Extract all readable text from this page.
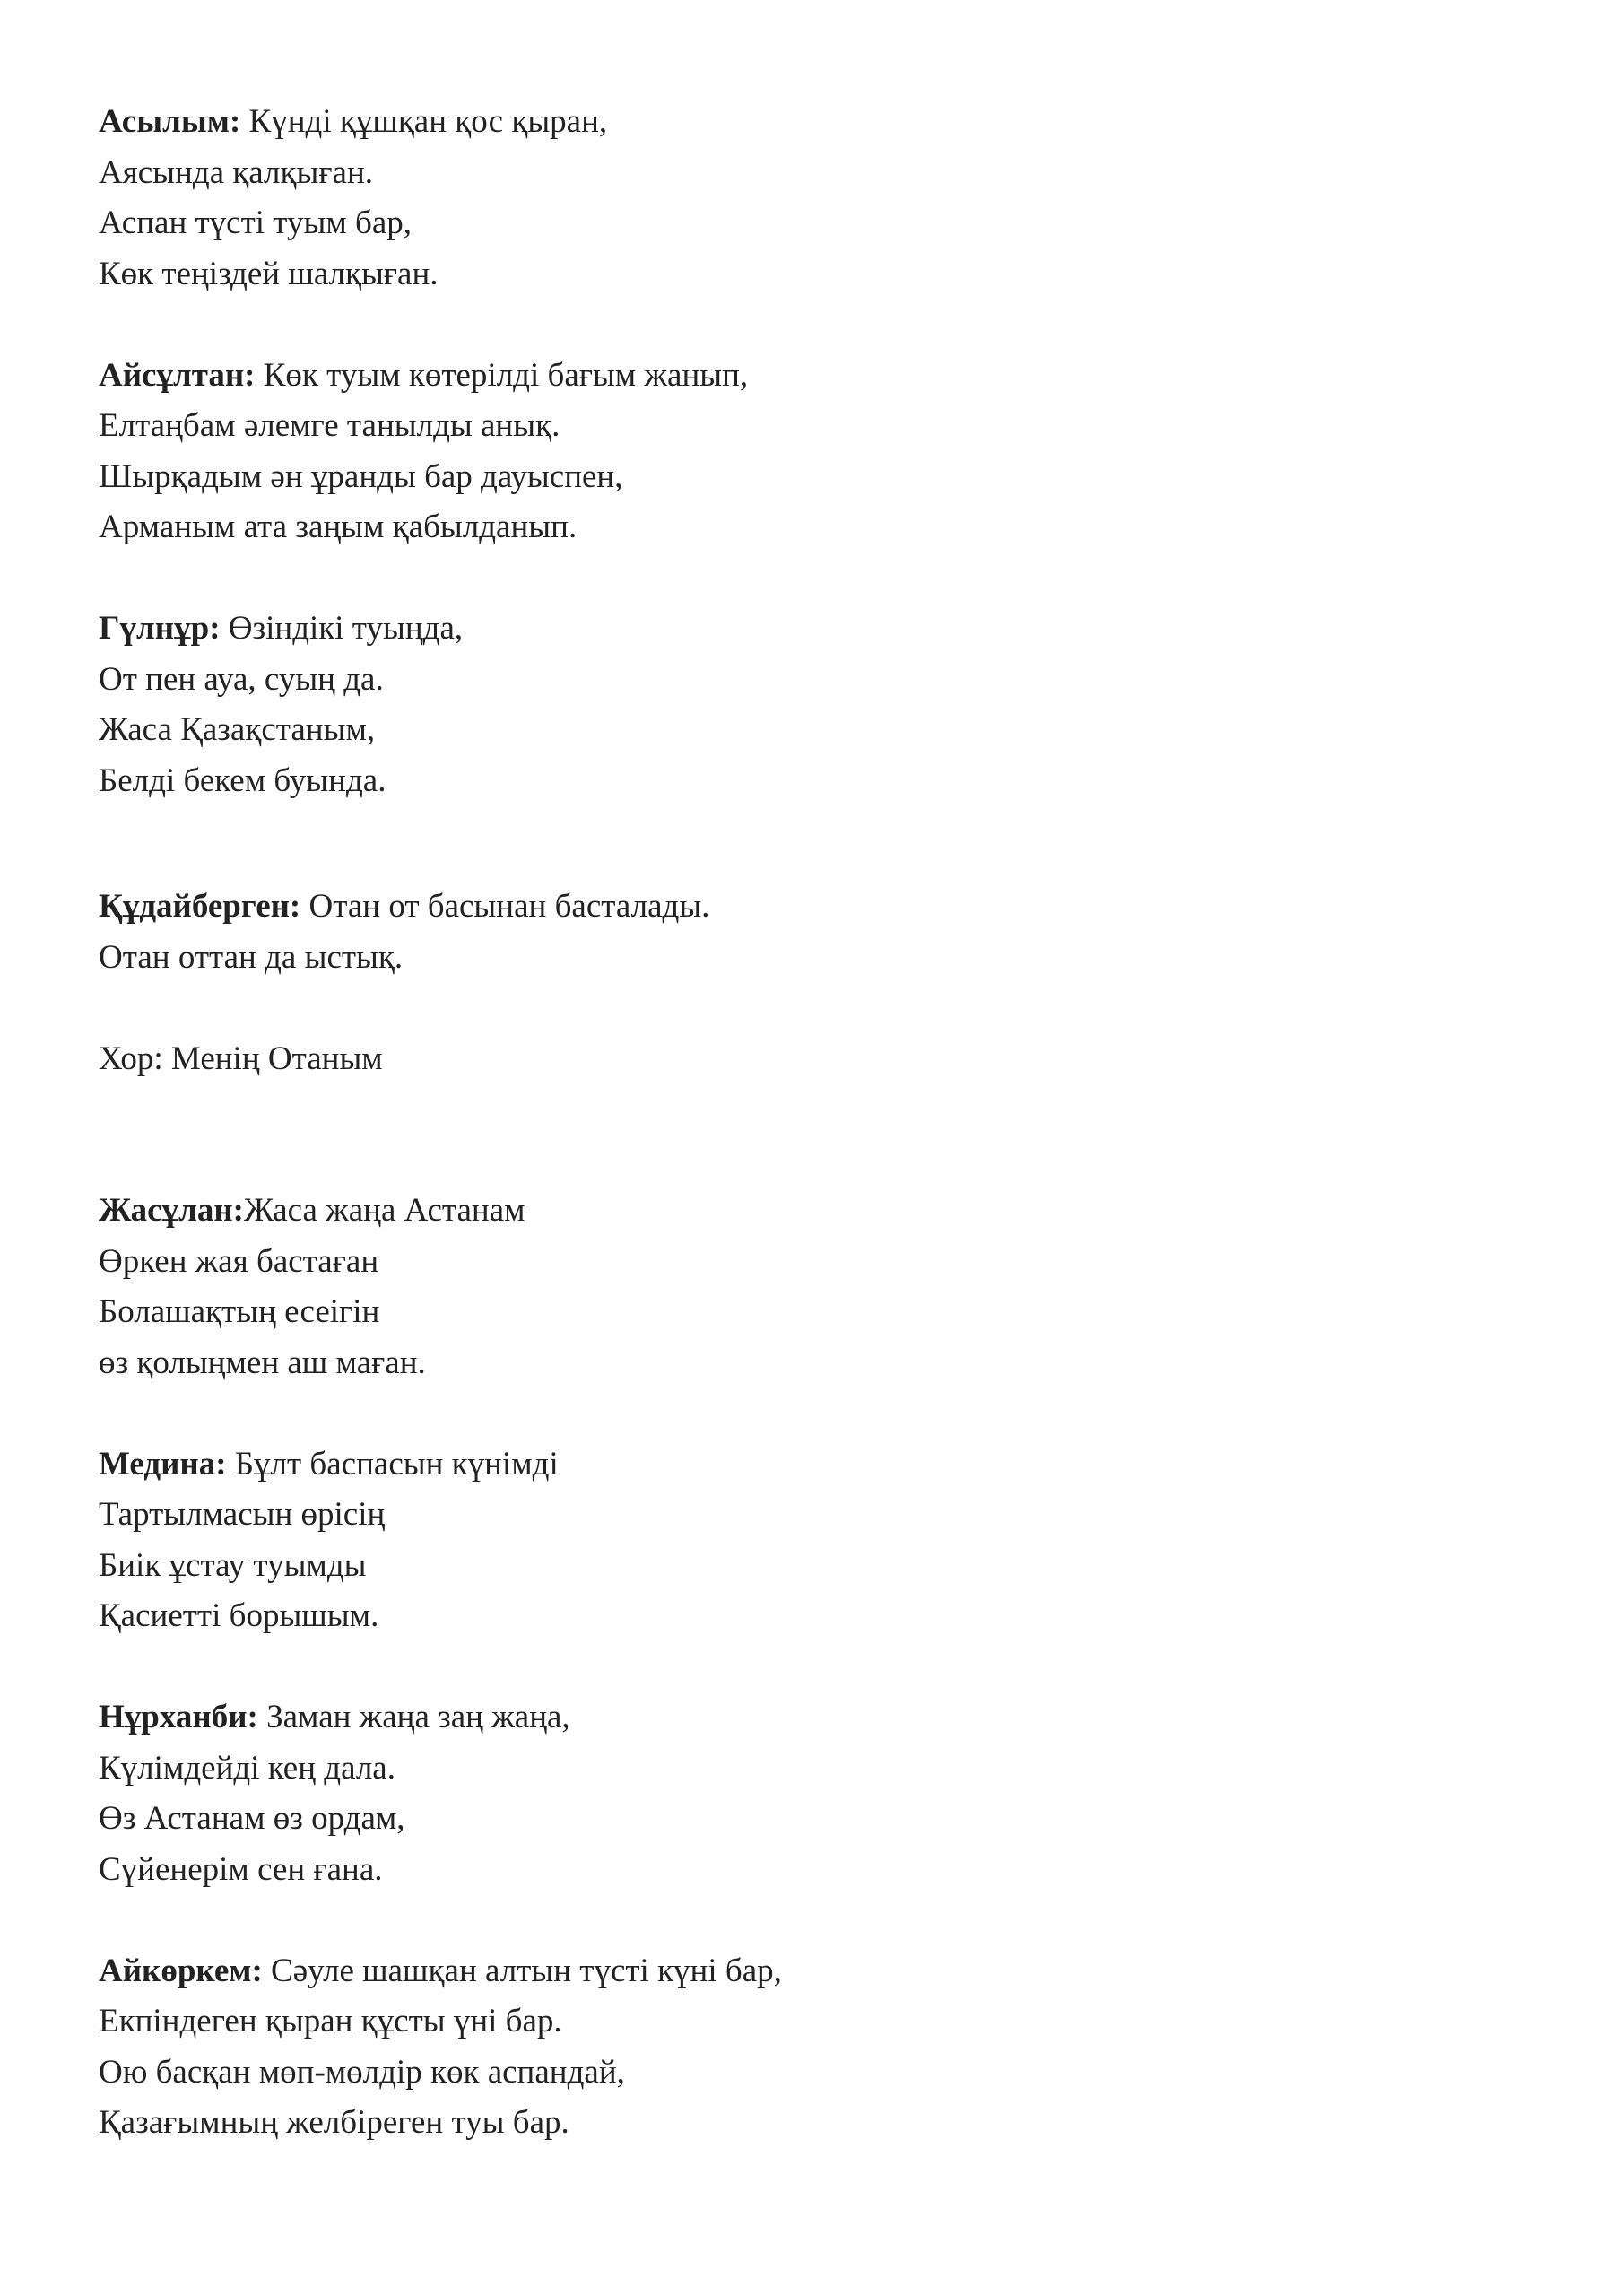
Асылым: Күнді құшқан қос қыран,
Аясында қалқыған.
Аспан түсті туым бар,
Көк теңіздей шалқыған.
Айсұлтан: Көк туым көтерілді бағым жанып,
Елтаңбам әлемге танылды анық.
Шырқадым ән ұранды бар дауыспен,
Арманым ата заңым қабылданып.
Гүлнұр: Өзіндікі туыңда,
От пен ауа, суың да.
Жаса Қазақстаным,
Белді бекем буында.
Құдайберген: Отан от басынан басталады.
Отан оттан да ыстық.
Хор: Менің Отаным
Жасұлан:Жаса жаңа Астанам
Өркен жая бастаған
Болашақтың есеігін
өз қолыңмен аш маған.
Медина: Бұлт баспасын күнімді
Тартылмасын өрісің
Биік ұстау туымды
Қасиетті борышым.
Нұрханби: Заман жаңа заң жаңа,
Күлімдейді кең дала.
Өз Астанам өз ордам,
Сүйенерім сен ғана.
Айкөркем: Сәуле шашқан алтын түсті күні бар,
Екпіндеген қыран құсты үні бар.
Ою басқан мөп-мөлдір көк аспандай,
Қазағымның желбіреген туы бар.
